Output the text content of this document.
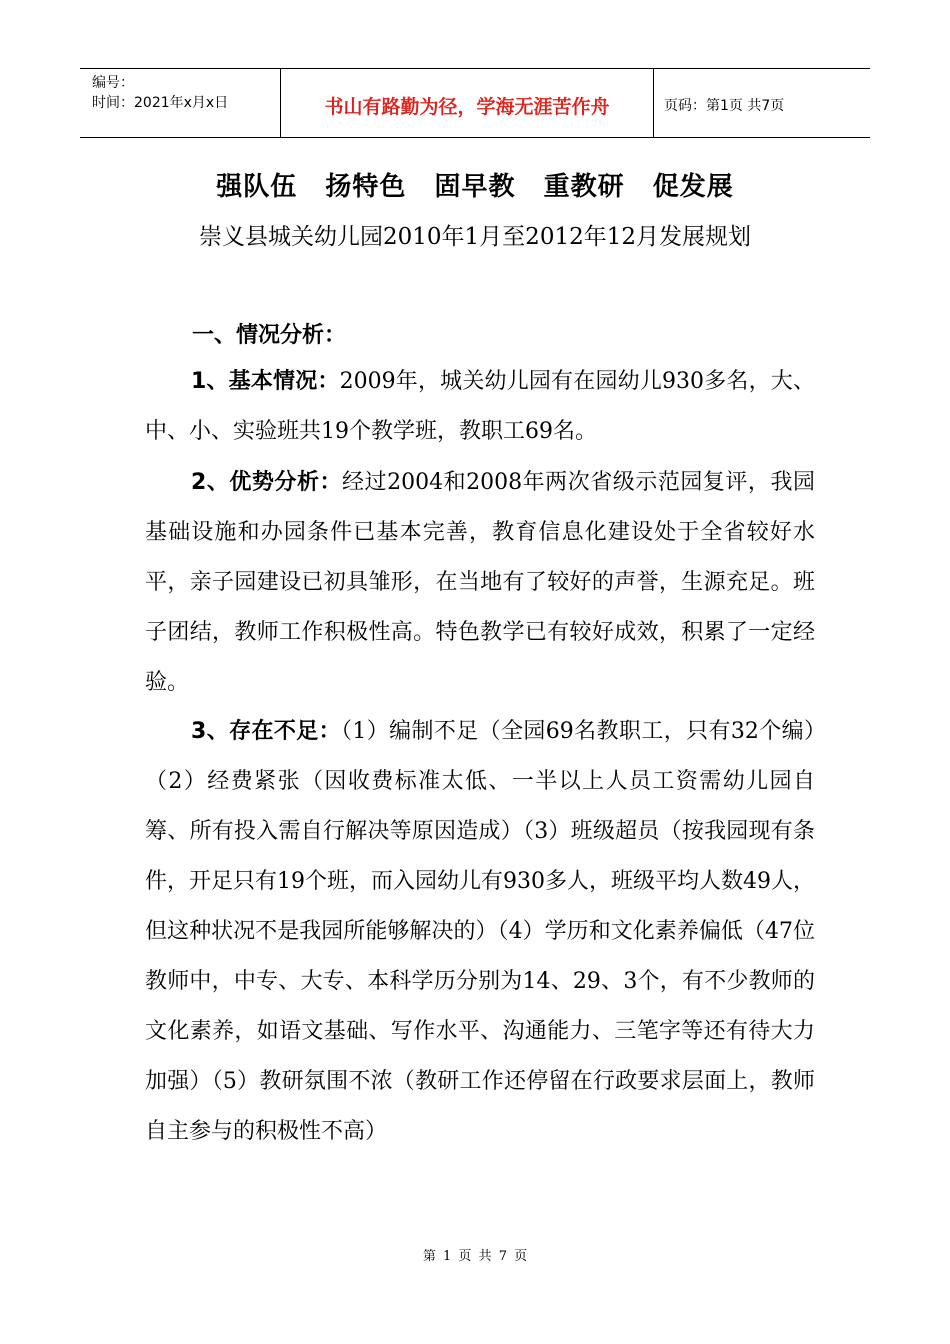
编号：
时间：2021年x月x日	书山有路勤为径，学海无涯苦作舟	页码：第1页 共7页
强队伍  扬特色  固早教  重教研  促发展
崇义县城关幼儿园2010年1月至2012年12月发展规划
一、情况分析：
1、基本情况：2009年，城关幼儿园有在园幼儿930多名，大、中、小、实验班共19个教学班，教职工69名。
2、优势分析：经过2004和2008年两次省级示范园复评，我园基础设施和办园条件已基本完善，教育信息化建设处于全省较好水平，亲子园建设已初具雏形，在当地有了较好的声誉，生源充足。班子团结，教师工作积极性高。特色教学已有较好成效，积累了一定经验。
3、存在不足：（1）编制不足（全园69名教职工，只有32个编）（2）经费紧张（因收费标准太低、一半以上人员工资需幼儿园自筹、所有投入需自行解决等原因造成）（3）班级超员（按我园现有条件，开足只有19个班，而入园幼儿有930多人，班级平均人数49人，但这种状况不是我园所能够解决的）（4）学历和文化素养偏低（47位教师中，中专、大专、本科学历分别为14、29、3个，有不少教师的文化素养，如语文基础、写作水平、沟通能力、三笔字等还有待大力加强）（5）教研氛围不浓（教研工作还停留在行政要求层面上，教师自主参与的积极性不高）
第 1 页 共 7 页
